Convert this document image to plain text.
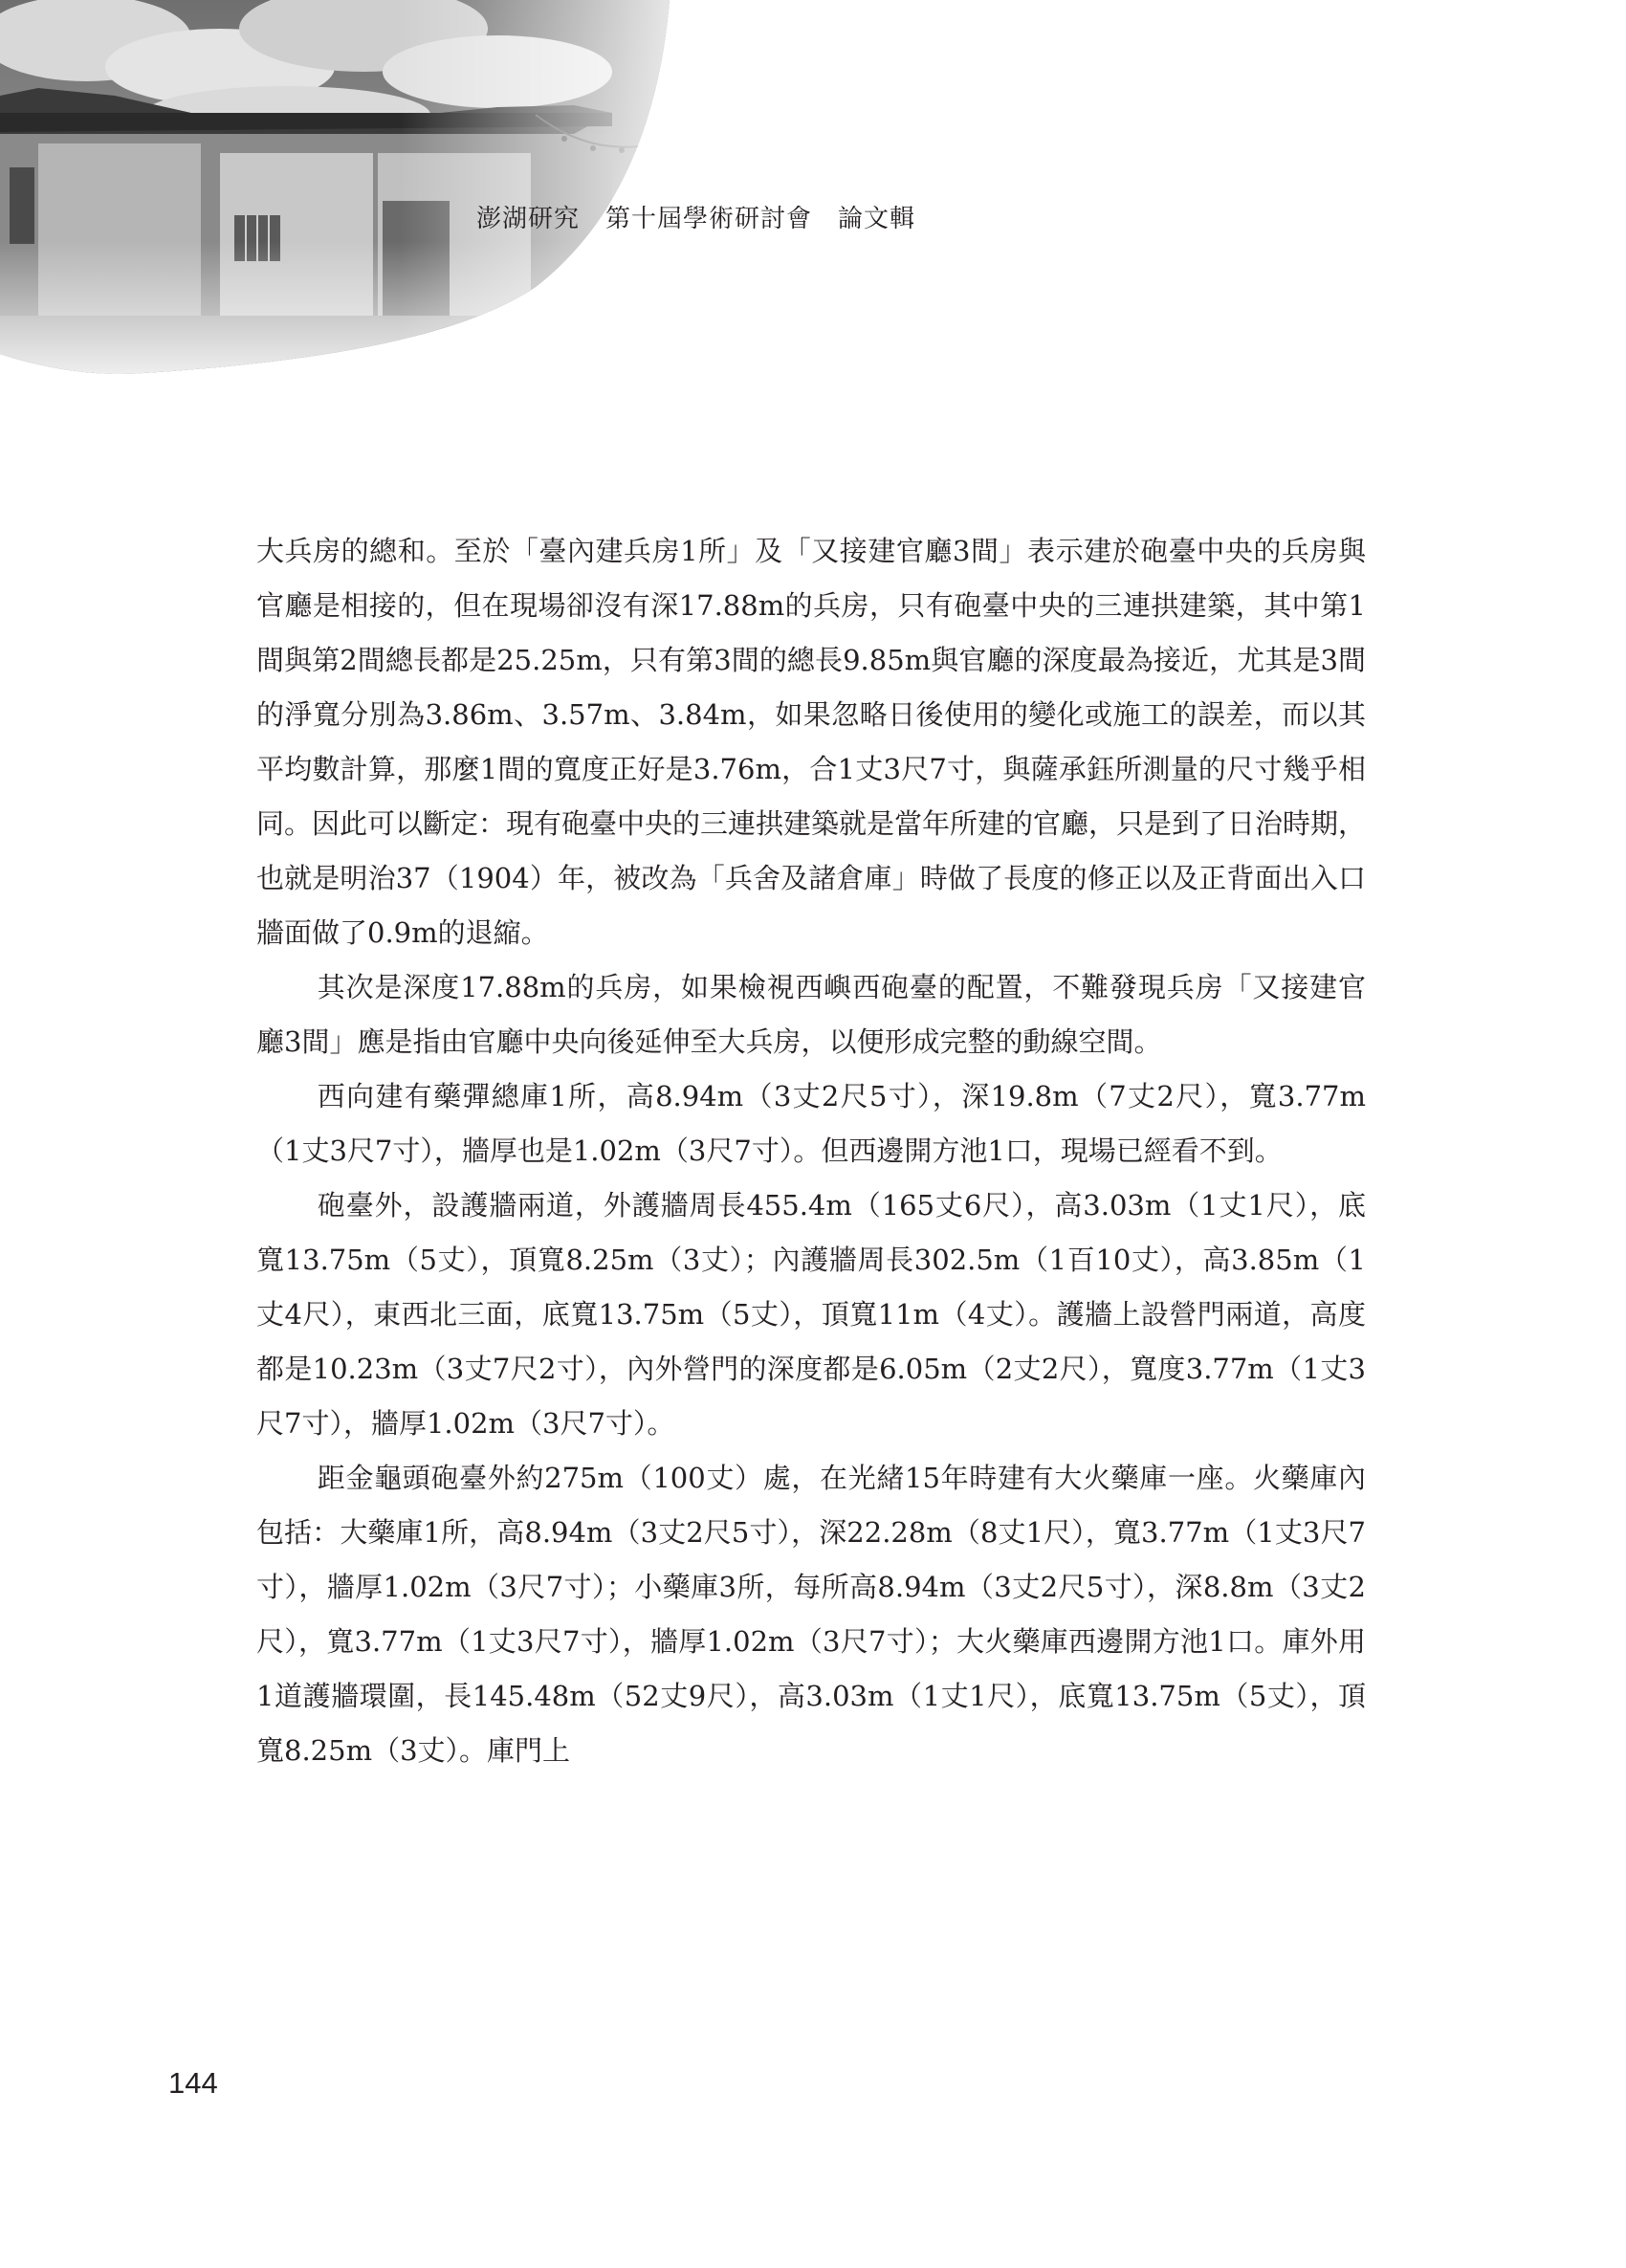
澎湖研究　第十屆學術研討會　論文輯

大兵房的總和。至於「臺內建兵房1所」及「又接建官廳3間」表示建於砲臺中央的兵房與官廳是相接的，但在現場卻沒有深17.88m的兵房，只有砲臺中央的三連拱建築，其中第1間與第2間總長都是25.25m，只有第3間的總長9.85m與官廳的深度最為接近，尤其是3間的淨寬分別為3.86m、3.57m、3.84m，如果忽略日後使用的變化或施工的誤差，而以其平均數計算，那麼1間的寬度正好是3.76m，合1丈3尺7寸，與薩承鈺所測量的尺寸幾乎相同。因此可以斷定：現有砲臺中央的三連拱建築就是當年所建的官廳，只是到了日治時期，也就是明治37（1904）年，被改為「兵舍及諸倉庫」時做了長度的修正以及正背面出入口牆面做了0.9m的退縮。

其次是深度17.88m的兵房，如果檢視西嶼西砲臺的配置，不難發現兵房「又接建官廳3間」應是指由官廳中央向後延伸至大兵房，以便形成完整的動線空間。

西向建有藥彈總庫1所，高8.94m（3丈2尺5寸），深19.8m（7丈2尺），寬3.77m（1丈3尺7寸），牆厚也是1.02m（3尺7寸）。但西邊開方池1口，現場已經看不到。

砲臺外，設護牆兩道，外護牆周長455.4m（165丈6尺），高3.03m（1丈1尺），底寬13.75m（5丈），頂寬8.25m（3丈）；內護牆周長302.5m（1百10丈），高3.85m（1丈4尺），東西北三面，底寬13.75m（5丈），頂寬11m（4丈）。護牆上設營門兩道，高度都是10.23m（3丈7尺2寸），內外營門的深度都是6.05m（2丈2尺），寬度3.77m（1丈3尺7寸），牆厚1.02m（3尺7寸）。

距金龜頭砲臺外約275m（100丈）處，在光緒15年時建有大火藥庫一座。火藥庫內包括：大藥庫1所，高8.94m（3丈2尺5寸），深22.28m（8丈1尺），寬3.77m（1丈3尺7寸），牆厚1.02m（3尺7寸）；小藥庫3所，每所高8.94m（3丈2尺5寸），深8.8m（3丈2尺），寬3.77m（1丈3尺7寸），牆厚1.02m（3尺7寸）；大火藥庫西邊開方池1口。庫外用1道護牆環圍，長145.48m（52丈9尺），高3.03m（1丈1尺），底寬13.75m（5丈），頂寬8.25m（3丈）。庫門上

144
